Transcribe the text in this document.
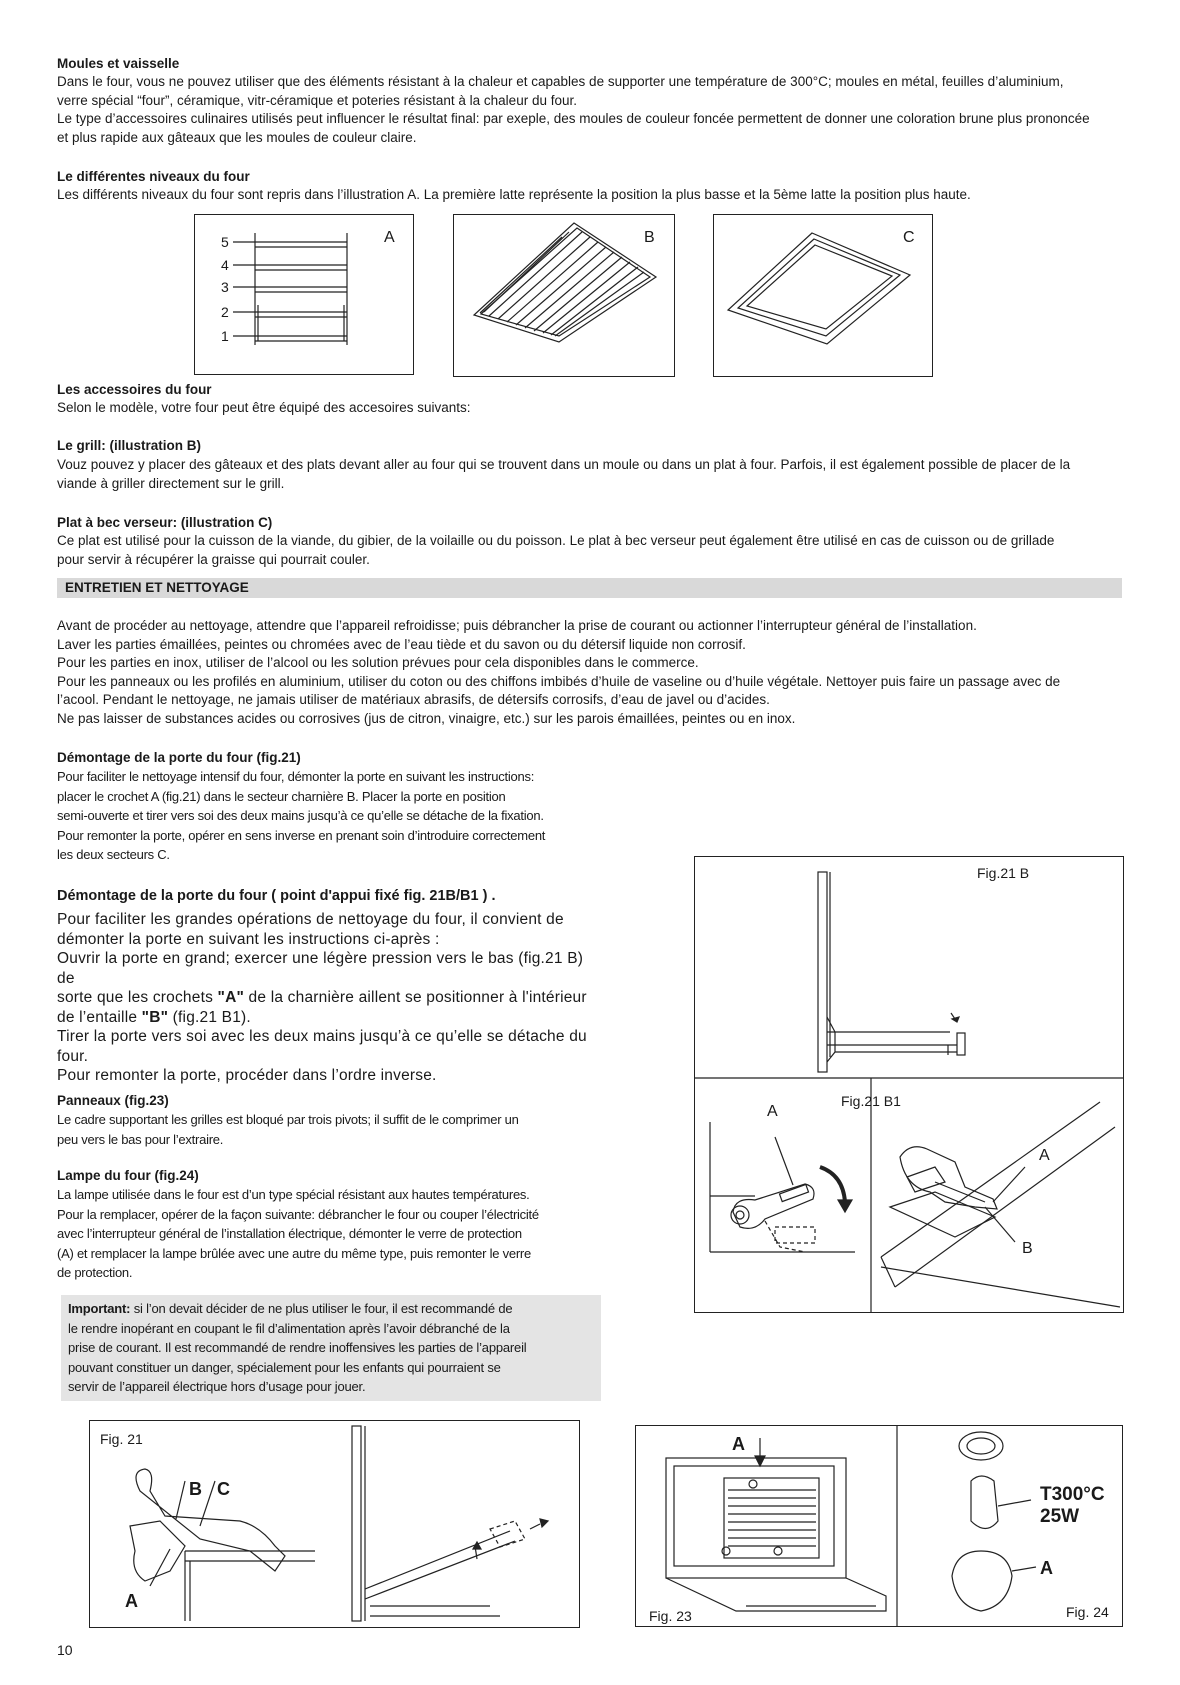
Moules et vaisselle
Dans le four, vous ne pouvez utiliser que des éléments résistant à la chaleur et capables de supporter une température de 300°C; moules en métal, feuilles d’aluminium,
verre spécial “four”, céramique, vitr-céramique et poteries résistant à la chaleur du four.
Le type d’accessoires culinaires utilisés peut influencer le résultat final: par exeple, des moules de couleur foncée permettent de donner une coloration brune plus prononcée
et plus rapide aux gâteaux que les moules de couleur claire.
Le différentes niveaux du four
Les différents niveaux du four sont repris dans l’illustration A. La première latte représente la position la plus basse et la 5ème latte la position plus haute.
A
5
4
3
2
1
B	C
Les accessoires du four
Selon le modèle, votre four peut être équipé des accesoires suivants:
Le grill: (illustration B)
Vouz pouvez y placer des gâteaux et des plats devant aller au four qui se trouvent dans un moule ou dans un plat à four. Parfois, il est également possible de placer de la
viande à griller directement sur le grill.
Plat à bec verseur: (illustration C)
Ce plat est utilisé pour la cuisson de la viande, du gibier, de la voilaille ou du poisson. Le plat à bec verseur peut également être utilisé en cas de cuisson ou de grillade
pour servir à récupérer la graisse qui pourrait couler.
ENTRETIEN ET NETTOYAGE
Avant de procéder au nettoyage, attendre que l’appareil refroidisse; puis débrancher la prise de courant ou actionner l’interrupteur général de l’installation.
Laver les parties émaillées, peintes ou chromées avec de l’eau tiède et du savon ou du détersif liquide non corrosif.
Pour les parties en inox, utiliser de l’alcool ou les solution prévues pour cela disponibles dans le commerce.
Pour les panneaux ou les profilés en aluminium, utiliser du coton ou des chiffons imbibés d’huile de vaseline ou d’huile végétale. Nettoyer puis faire un passage avec de
l’acool. Pendant le nettoyage, ne jamais utiliser de matériaux abrasifs, de détersifs corrosifs, d’eau de javel ou d’acides.
Ne pas laisser de substances acides ou corrosives (jus de citron, vinaigre, etc.) sur les parois émaillées, peintes ou en inox.
Démontage de la porte du four (fig.21)
Pour faciliter le nettoyage intensif du four, démonter la porte en suivant les instructions:
placer le crochet A (fig.21) dans le secteur charnière B. Placer la porte en position
semi-ouverte et tirer vers soi des deux mains jusqu’à ce qu’elle se détache de la fixation.
Pour remonter la porte, opérer en sens inverse en prenant soin d’introduire correctement
les deux secteurs C.
Démontage de la porte du four ( point d'appui fixé fig. 21B/B1 ) .
Pour faciliter les grandes opérations de nettoyage du four, il convient de
démonter la porte en suivant les instructions ci-après :
Ouvrir la porte en grand; exercer une légère pression vers le bas (fig.21 B) de
sorte que les crochets "A" de la charnière aillent se positionner à l'intérieur
de l’entaille "B" (fig.21 B1).
Tirer la porte vers soi avec les deux mains jusqu’à ce qu’elle se détache du
four.
Pour remonter la porte, procéder dans l’ordre inverse.
Panneaux (fig.23)
Le cadre supportant les grilles est bloqué par trois pivots; il suffit de le comprimer un
peu vers le bas pour l’extraire.
Lampe du four (fig.24)
La lampe utilisée dans le four est d’un type spécial résistant aux hautes températures.
Pour la remplacer, opérer de la façon suivante: débrancher le four ou couper l’électricité
avec l’interrupteur général de l’installation électrique, démonter le verre de protection
(A) et remplacer la lampe brûlée avec une autre du même type, puis remonter le verre
de protection.
Important: si l’on devait décider de ne plus utiliser le four, il est recommandé de
le rendre inopérant en coupant le fil d’alimentation après l’avoir débranché de la
prise de courant. Il est recommandé de rendre inoffensives les parties de l’appareil
pouvant constituer un danger, spécialement pour les enfants qui pourraient se
servir de l’appareil électrique hors d’usage pour jouer.
Fig.21 B
Fig.21 B1
A
A
B
Fig. 21
B C
A
A
Fig. 23
T300°C
25W
A
Fig. 24
10
